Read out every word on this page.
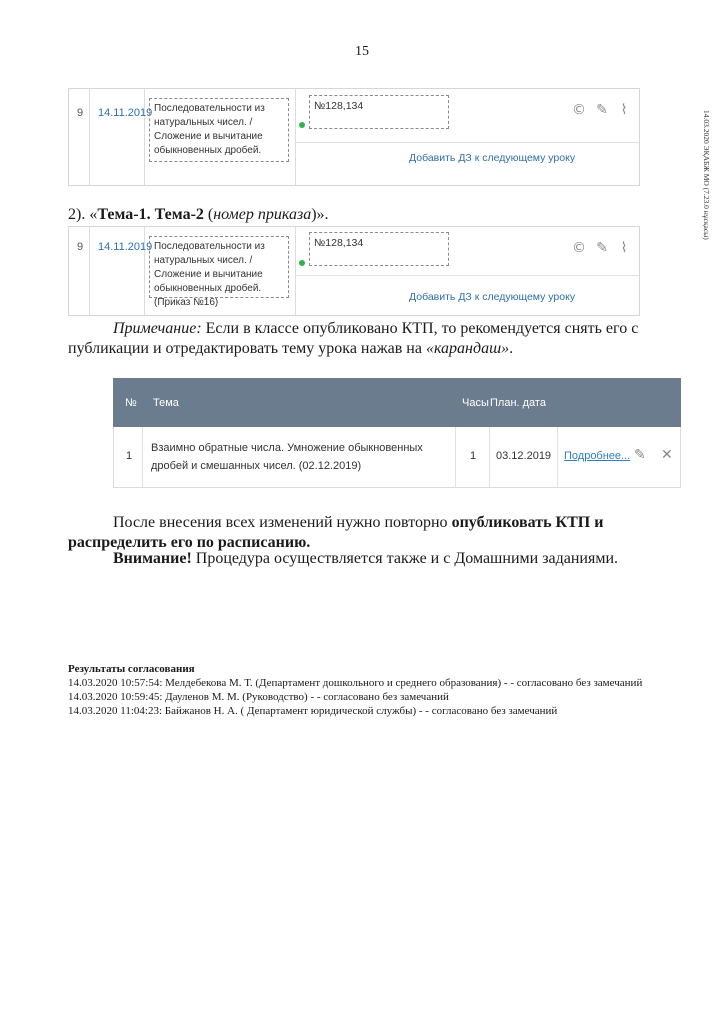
15
14.03.2020 ЭҚАБЖ МО (7.23.0 нұсқасы)
9 14.11.2019 Последовательности из натуральных чисел. / Сложение и вычитание обыкновенных дробей.
№128,134
Добавить ДЗ к следующему уроку
© ✎ ⌇
2). «Тема-1. Тема-2 (номер приказа)».
9 14.11.2019 Последовательности из натуральных чисел. / Сложение и вычитание обыкновенных дробей. (Приказ №16)
№128,134
Добавить ДЗ к следующему уроку
© ✎ ⌇
Примечание: Если в классе опубликовано КТП, то рекомендуется снять его с публикации и отредактировать тему урока нажав на «карандаш».
№ Тема	Часы План. дата
1
Взаимно обратные числа. Умножение обыкновенных дробей и смешанных чисел. (02.12.2019)
1 03.12.2019 Подробнее... ✎ ✕
После внесения всех изменений нужно повторно опубликовать КТП и распределить его по расписанию.
Внимание! Процедура осуществляется также и с Домашними заданиями.
Результаты согласования
14.03.2020 10:57:54: Мелдебекова М. Т. (Департамент дошкольного и среднего образования) - - согласовано без замечаний
14.03.2020 10:59:45: Дауленов М. М. (Руководство) - - согласовано без замечаний
14.03.2020 11:04:23: Байжанов Н. А. ( Департамент юридической службы) - - согласовано без замечаний
